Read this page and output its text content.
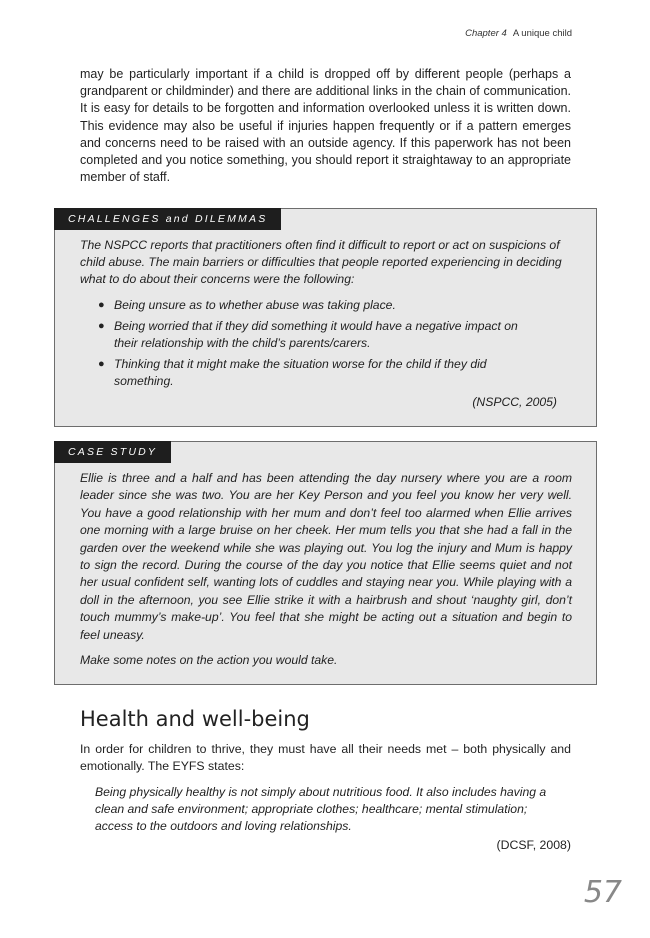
Chapter 4 A unique child

may be particularly important if a child is dropped off by different people (perhaps a grandparent or childminder) and there are additional links in the chain of communication. It is easy for details to be forgotten and information overlooked unless it is written down. This evidence may also be useful if injuries happen frequently or if a pattern emerges and concerns need to be raised with an outside agency. If this paperwork has not been completed and you notice something, you should report it straightaway to an appropriate member of staff.

CHALLENGES and DILEMMAS

The NSPCC reports that practitioners often find it difficult to report or act on suspicions of child abuse. The main barriers or difficulties that people reported experiencing in deciding what to do about their concerns were the following:

● Being unsure as to whether abuse was taking place.
● Being worried that if they did something it would have a negative impact on their relationship with the child’s parents/carers.
● Thinking that it might make the situation worse for the child if they did something.

(NSPCC, 2005)

CASE STUDY

Ellie is three and a half and has been attending the day nursery where you are a room leader since she was two. You are her Key Person and you feel you know her very well. You have a good relationship with her mum and don’t feel too alarmed when Ellie arrives one morning with a large bruise on her cheek. Her mum tells you that she had a fall in the garden over the weekend while she was playing out. You log the injury and Mum is happy to sign the record. During the course of the day you notice that Ellie seems quiet and not her usual confident self, wanting lots of cuddles and staying near you. While playing with a doll in the afternoon, you see Ellie strike it with a hairbrush and shout ‘naughty girl, don’t touch mummy’s make-up’. You feel that she might be acting out a situation and begin to feel uneasy.

Make some notes on the action you would take.

Health and well-being

In order for children to thrive, they must have all their needs met – both physically and emotionally. The EYFS states:

Being physically healthy is not simply about nutritious food. It also includes having a clean and safe environment; appropriate clothes; healthcare; mental stimulation; access to the outdoors and loving relationships.

(DCSF, 2008)

57
